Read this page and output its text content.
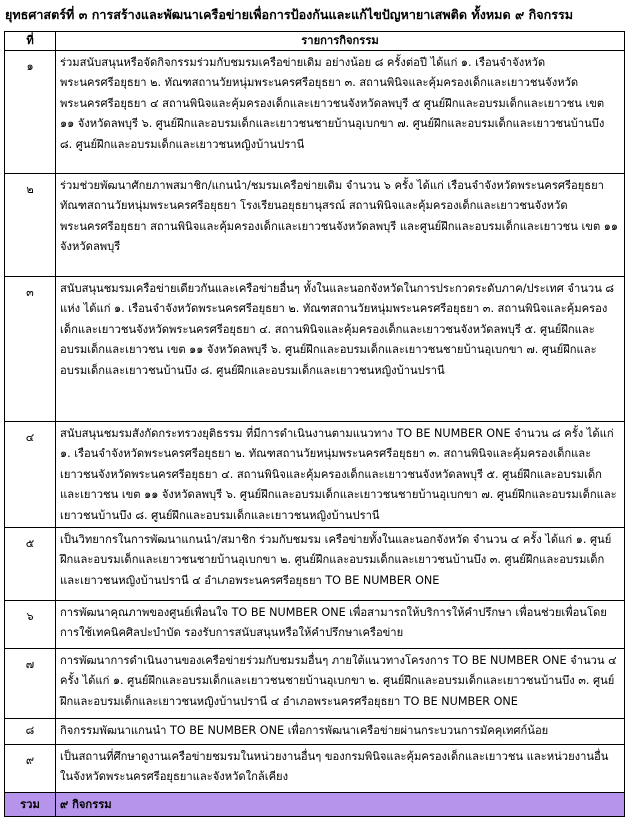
ยุทธศาสตร์ที่ ๓ การสร้างและพัฒนาเครือข่ายเพื่อการป้องกันและแก้ไขปัญหายาเสพติด ทั้งหมด ๙ กิจกรรม
ที่	รายการกิจกรรม
๑	ร่วมสนับสนุนหรือจัดกิจกรรมร่วมกับชมรมเครือข่ายเดิม อย่างน้อย ๘ ครั้งต่อปี ได้แก่ ๑. เรือนจำจังหวัดพระนครศรีอยุธยา ๒. ทัณฑสถานวัยหนุ่มพระนครศรีอยุธยา ๓. สถานพินิจและคุ้มครองเด็กและเยาวชนจังหวัดพระนครศรีอยุธยา ๔ สถานพินิจและคุ้มครองเด็กและเยาวชนจังหวัดลพบุรี ๕ ศูนย์ฝึกและอบรมเด็กและเยาวชน เขต ๑๑ จังหวัดลพบุรี ๖. ศูนย์ฝึกและอบรมเด็กและเยาวชนชายบ้านอุเบกขา ๗. ศูนย์ฝึกและอบรมเด็กและเยาวชนบ้านบึง ๘. ศูนย์ฝึกและอบรมเด็กและเยาวชนหญิงบ้านปรานี
๒	ร่วมช่วยพัฒนาศักยภาพสมาชิก/แกนนำ/ชมรมเครือข่ายเดิม จำนวน ๖ ครั้ง ได้แก่ เรือนจำจังหวัดพระนครศรีอยุธยา ทัณฑสถานวัยหนุ่มพระนครศรีอยุธยา โรงเรียนอยุธยานุสรณ์ สถานพินิจและคุ้มครองเด็กและเยาวชนจังหวัดพระนครศรีอยุธยา สถานพินิจและคุ้มครองเด็กและเยาวชนจังหวัดลพบุรี และศูนย์ฝึกและอบรมเด็กและเยาวชน เขต ๑๑ จังหวัดลพบุรี
๓	สนับสนุนชมรมเครือข่ายเดียวกันและเครือข่ายอื่นๆ ทั้งในและนอกจังหวัดในการประกวดระดับภาค/ประเทศ จำนวน ๘ แห่ง ได้แก่ ๑. เรือนจำจังหวัดพระนครศรีอยุธยา ๒. ทัณฑสถานวัยหนุ่มพระนครศรีอยุธยา ๓. สถานพินิจและคุ้มครองเด็กและเยาวชนจังหวัดพระนครศรีอยุธยา ๔. สถานพินิจและคุ้มครองเด็กและเยาวชนจังหวัดลพบุรี ๕. ศูนย์ฝึกและอบรมเด็กและเยาวชน เขต ๑๑ จังหวัดลพบุรี ๖. ศูนย์ฝึกและอบรมเด็กและเยาวชนชายบ้านอุเบกขา ๗. ศูนย์ฝึกและอบรมเด็กและเยาวชนบ้านบึง ๘. ศูนย์ฝึกและอบรมเด็กและเยาวชนหญิงบ้านปรานี
๔	สนับสนุนชมรมสังกัดกระทรวงยุติธรรม ที่มีการดำเนินงานตามแนวทาง TO BE NUMBER ONE จำนวน ๘ ครั้ง ได้แก่ ๑. เรือนจำจังหวัดพระนครศรีอยุธยา ๒. ทัณฑสถานวัยหนุ่มพระนครศรีอยุธยา ๓. สถานพินิจและคุ้มครองเด็กและเยาวชนจังหวัดพระนครศรีอยุธยา ๔. สถานพินิจและคุ้มครองเด็กและเยาวชนจังหวัดลพบุรี ๕. ศูนย์ฝึกและอบรมเด็กและเยาวชน เขต ๑๑ จังหวัดลพบุรี ๖. ศูนย์ฝึกและอบรมเด็กและเยาวชนชายบ้านอุเบกขา ๗. ศูนย์ฝึกและอบรมเด็กและเยาวชนบ้านบึง ๘. ศูนย์ฝึกและอบรมเด็กและเยาวชนหญิงบ้านปรานี
๕	เป็นวิทยากรในการพัฒนาแกนนำ/สมาชิก ร่วมกับชมรม เครือข่ายทั้งในและนอกจังหวัด จำนวน ๔ ครั้ง ได้แก่ ๑. ศูนย์ฝึกและอบรมเด็กและเยาวชนชายบ้านอุเบกขา ๒. ศูนย์ฝึกและอบรมเด็กและเยาวชนบ้านบึง ๓. ศูนย์ฝึกและอบรมเด็กและเยาวชนหญิงบ้านปรานี ๔ อำเภอพระนครศรีอยุธยา TO BE NUMBER ONE
๖	การพัฒนาคุณภาพของศูนย์เพื่อนใจ TO BE NUMBER ONE เพื่อสามารถให้บริการให้คำปรึกษา เพื่อนช่วยเพื่อนโดยการใช้เทคนิคศิลปะบำบัด รองรับการสนับสนุนหรือให้คำปรึกษาเครือข่าย
๗	การพัฒนาการดำเนินงานของเครือข่ายร่วมกับชมรมอื่นๆ ภายใต้แนวทางโครงการ TO BE NUMBER ONE จำนวน ๔ ครั้ง ได้แก่ ๑. ศูนย์ฝึกและอบรมเด็กและเยาวชนชายบ้านอุเบกขา ๒. ศูนย์ฝึกและอบรมเด็กและเยาวชนบ้านบึง ๓. ศูนย์ฝึกและอบรมเด็กและเยาวชนหญิงบ้านปรานี ๔ อำเภอพระนครศรีอยุธยา TO BE NUMBER ONE
๘	กิจกรรมพัฒนาแกนนำ TO BE NUMBER ONE เพื่อการพัฒนาเครือข่ายผ่านกระบวนการมัคคุเทศก์น้อย
๙	เป็นสถานที่ศึกษาดูงานเครือข่ายชมรมในหน่วยงานอื่นๆ ของกรมพินิจและคุ้มครองเด็กและเยาวชน และหน่วยงานอื่น ในจังหวัดพระนครศรีอยุธยาและจังหวัดใกล้เคียง
รวม	๙ กิจกรรม
